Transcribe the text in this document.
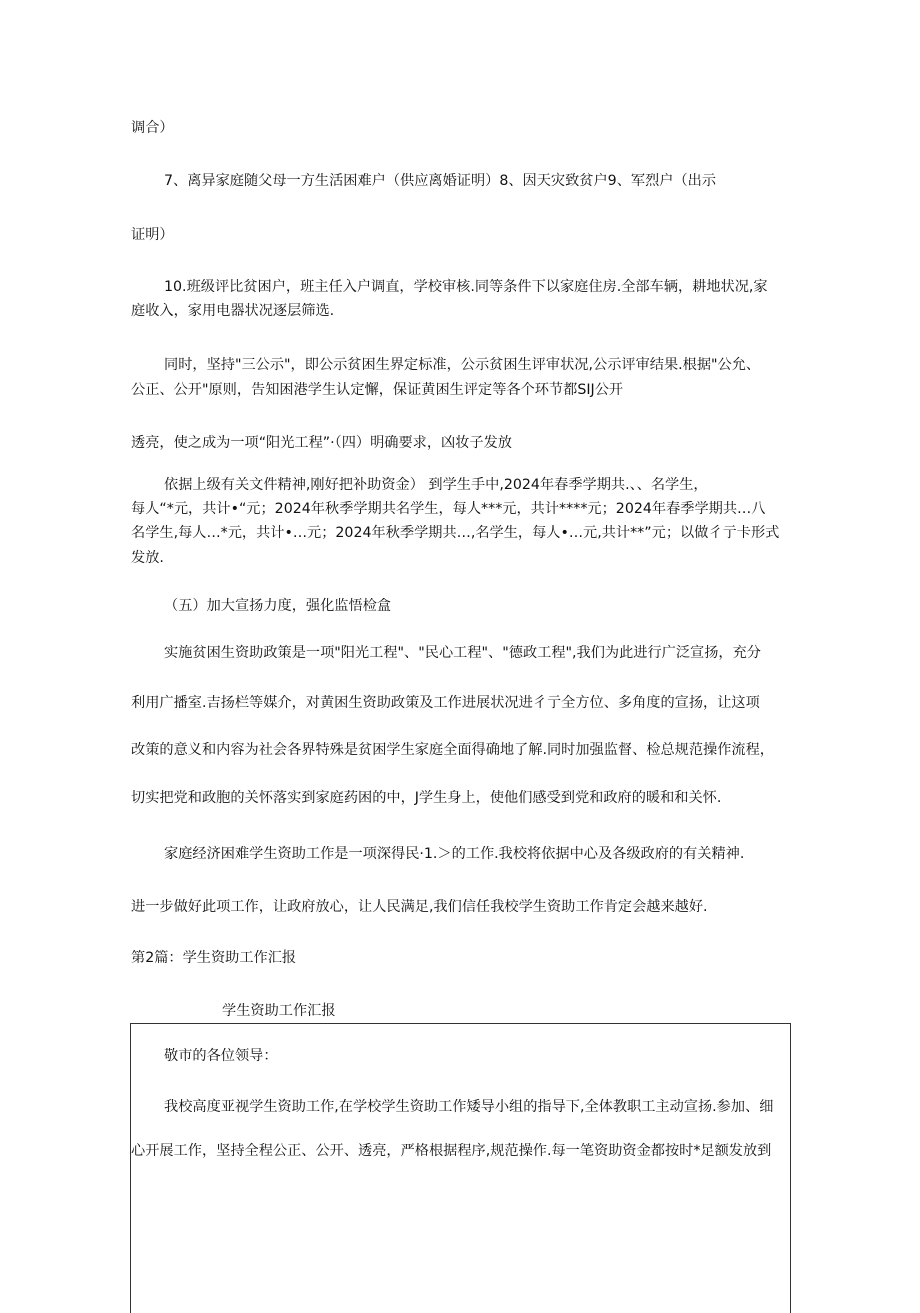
调合）
7、离异家庭随父母一方生活困难户（供应离婚证明）8、因天灾致贫户9、军烈户（出示
证明）
10.班级评比贫困户，班主任入户调直，学校审核.同等条件下以家庭住房.全部车辆，耕地状况,家
庭收入，家用电器状况逐层筛选.
同时，坚持"三公示"，即公示贫困生界定标准，公示贫困生评审状况,公示评审结果.根据"公允、
公正、公开"原则，告知困港学生认定懈，保证黄困生评定等各个环节都SIJ公开
透亮，使之成为一项“阳光工程”·（四）明确要求，凶妆子发放
依据上级有关文件精神,刚好把补助资金） 到学生手中,2024年春季学期共.、、名学生，
每人“*元，共计•“元；2024年秋季学期共名学生，每人***元，共计****元；2024年春季学期共…八
名学生,每人…*元，共计•…元；2024年秋季学期共…,名学生，每人•…元,共计**”元；以做彳亍卡形式
发放.
（五）加大宣扬力度，强化监悟检盒
实施贫困生资助政策是一项"阳光工程"、"民心工程"、"德政工程",我们为此进行广泛宣扬，充分
利用广播室.吉扬栏等媒介，对黄困生资助政策及工作进展状况进彳亍全方位、多角度的宣扬，让这项
改策的意义和内容为社会各界特殊是贫困学生家庭全面得确地了解.同时加强监督、检总规范操作流程，
切实把党和政胞的关怀落实到家庭药困的中，J学生身上，使他们感受到党和政府的暖和和关怀.
家庭经济困难学生资助工作是一项深得民·1.＞的工作.我校将依据中心及各级政府的有关精神.
进一步做好此项工作，让政府放心，让人民满足,我们信任我校学生资助工作肯定会越来越好.
第2篇：学生资助工作汇报
学生资助工作汇报
敬市的各位领导：
我校高度亚视学生资助工作,在学校学生资助工作矮导小组的指导下,全体教职工主动宣扬.参加、细
心开展工作，坚持全程公正、公开、透亮，严格根据程序,规范操作.每一笔资助资金都按时*足额发放到
